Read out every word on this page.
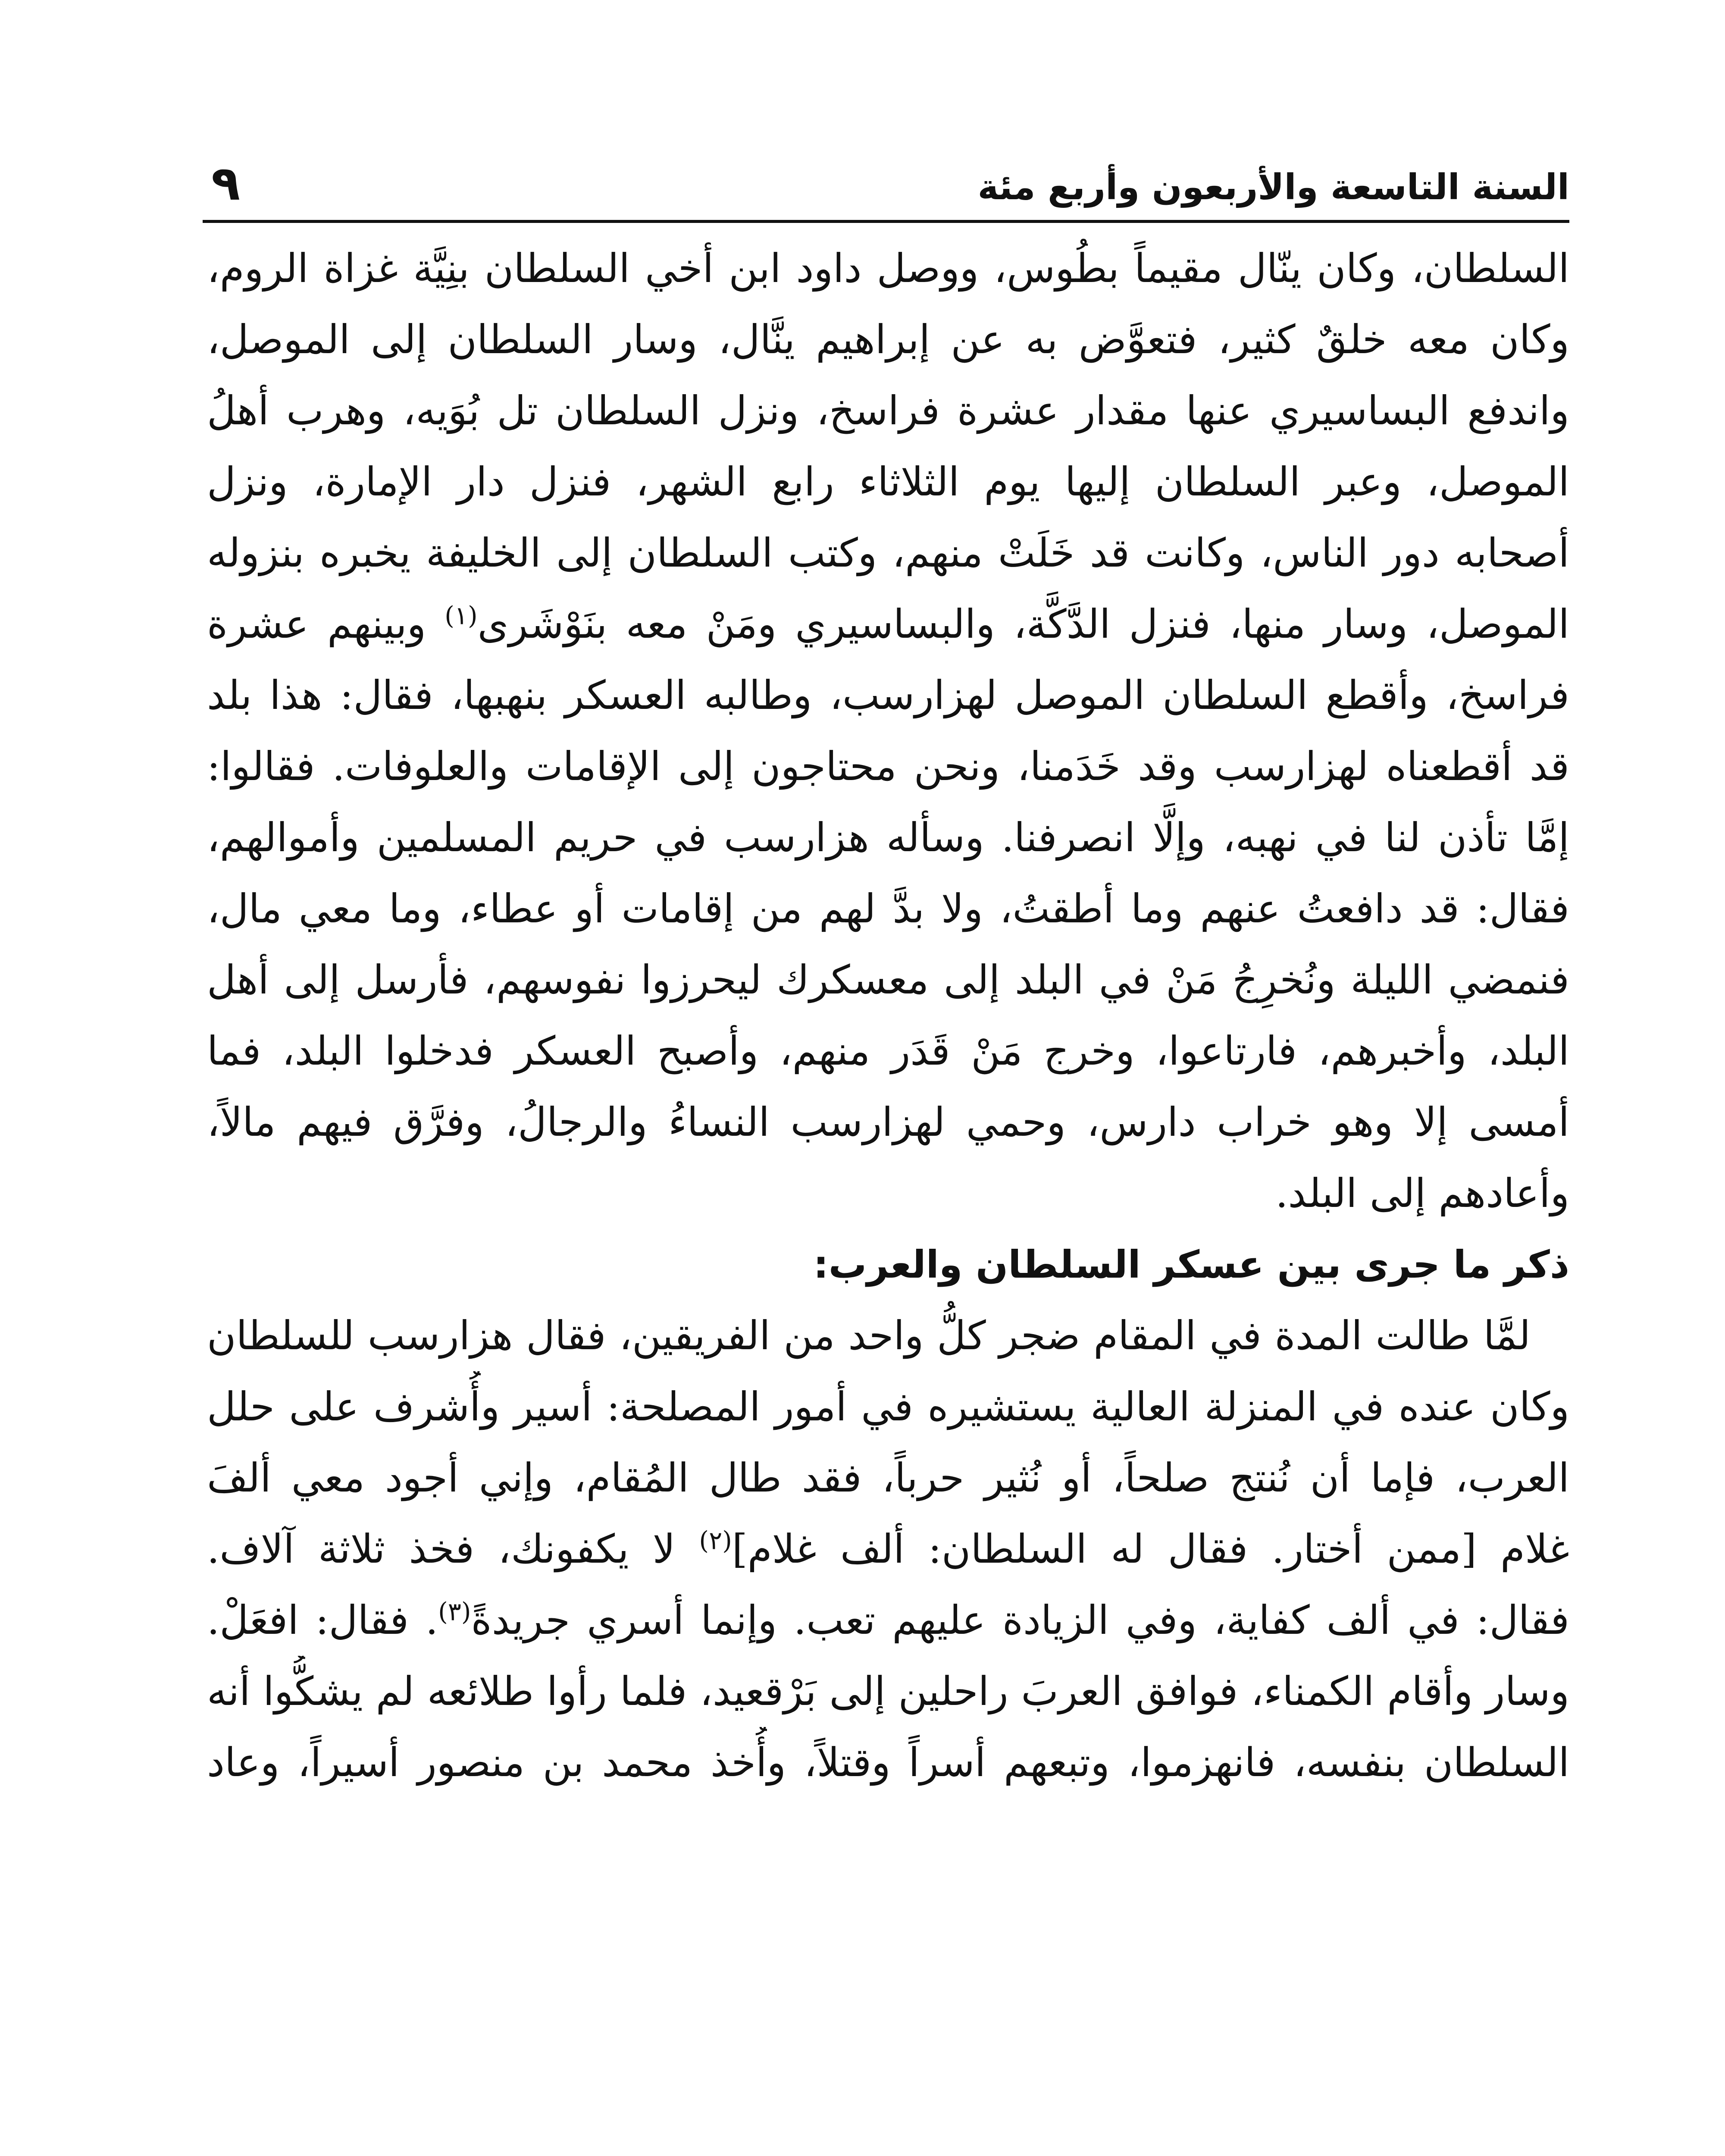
السنة التاسعة والأربعون وأربع مئة
٩

السلطان، وكان ينّال مقيماً بطُوس، ووصل داود ابن أخي السلطان بنِيَّة غزاة الروم،
وكان معه خلقٌ كثير، فتعوَّض به عن إبراهيم ينَّال، وسار السلطان إلى الموصل،
واندفع البساسيري عنها مقدار عشرة فراسخ، ونزل السلطان تل بُوَيه، وهرب أهلُ
الموصل، وعبر السلطان إليها يوم الثلاثاء رابع الشهر، فنزل دار الإمارة، ونزل
أصحابه دور الناس، وكانت قد خَلَتْ منهم، وكتب السلطان إلى الخليفة يخبره بنزوله
الموصل، وسار منها، فنزل الدَّكَّة، والبساسيري ومَنْ معه بنَوْشَرى$^{(١)}$ وبينهم عشرة
فراسخ، وأقطع السلطان الموصل لهزارسب، وطالبه العسكر بنهبها، فقال: هذا بلد
قد أقطعناه لهزارسب وقد خَدَمنا، ونحن محتاجون إلى الإقامات والعلوفات. فقالوا:
إمَّا تأذن لنا في نهبه، وإلَّا انصرفنا. وسأله هزارسب في حريم المسلمين وأموالهم،
فقال: قد دافعتُ عنهم وما أطقتُ، ولا بدَّ لهم من إقامات أو عطاء، وما معي مال،
فنمضي الليلة ونُخرِجُ مَنْ في البلد إلى معسكرك ليحرزوا نفوسهم، فأرسل إلى أهل
البلد، وأخبرهم، فارتاعوا، وخرج مَنْ قَدَر منهم، وأصبح العسكر فدخلوا البلد، فما
أمسى إلا وهو خراب دارس، وحمي لهزارسب النساءُ والرجالُ، وفرَّق فيهم مالاً،
وأعادهم إلى البلد.

ذكر ما جرى بين عسكر السلطان والعرب:

لمَّا طالت المدة في المقام ضجر كلُّ واحد من الفريقين، فقال هزارسب للسلطان
وكان عنده في المنزلة العالية يستشيره في أمور المصلحة: أسير وأُشرف على حلل
العرب، فإما أن نُنتج صلحاً، أو نُثير حرباً، فقد طال المُقام، وإني أجود معي ألفَ
غلام [ممن أختار. فقال له السلطان: ألف غلام]$^{(٢)}$ لا يكفونك، فخذ ثلاثة آلاف.
فقال: في ألف كفاية، وفي الزيادة عليهم تعب. وإنما أسري جريدةً$^{(٣)}$. فقال: افعَلْ.
وسار وأقام الكمناء، فوافق العربَ راحلين إلى بَرْقعيد، فلما رأوا طلائعه لم يشكُّوا أنه
السلطان بنفسه، فانهزموا، وتبعهم أسراً وقتلاً، وأُخذ محمد بن منصور أسيراً، وعاد
